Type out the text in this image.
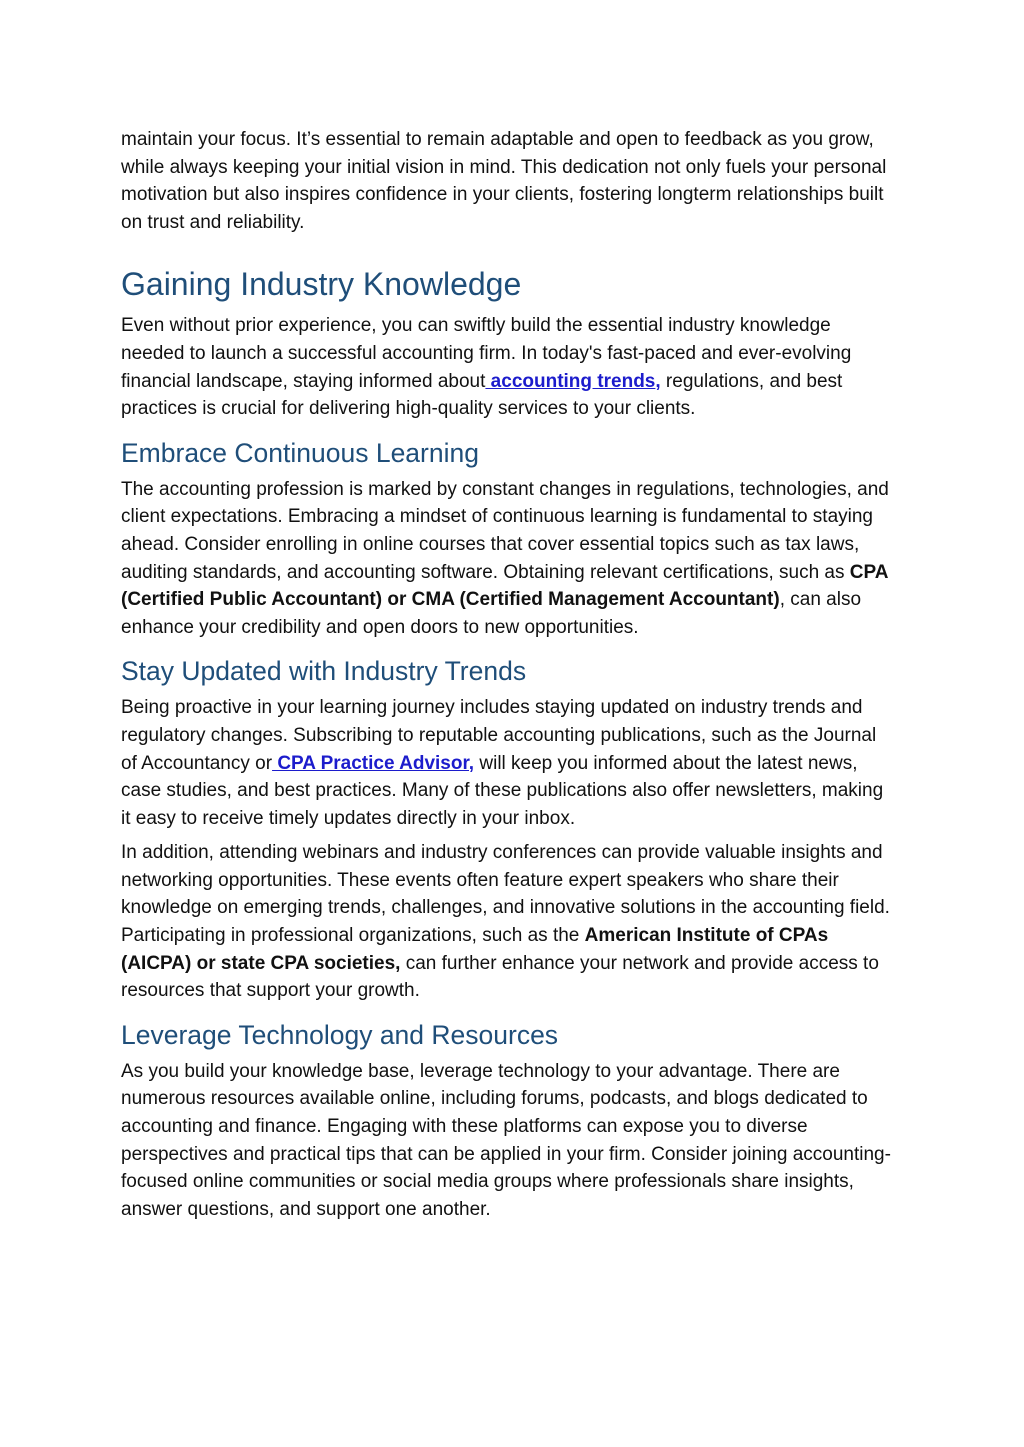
maintain your focus. It’s essential to remain adaptable and open to feedback as you grow, while always keeping your initial vision in mind. This dedication not only fuels your personal motivation but also inspires confidence in your clients, fostering longterm relationships built on trust and reliability.

Gaining Industry Knowledge

Even without prior experience, you can swiftly build the essential industry knowledge needed to launch a successful accounting firm. In today's fast-paced and ever-evolving financial landscape, staying informed about accounting trends, regulations, and best practices is crucial for delivering high-quality services to your clients.

Embrace Continuous Learning

The accounting profession is marked by constant changes in regulations, technologies, and client expectations. Embracing a mindset of continuous learning is fundamental to staying ahead. Consider enrolling in online courses that cover essential topics such as tax laws, auditing standards, and accounting software. Obtaining relevant certifications, such as CPA (Certified Public Accountant) or CMA (Certified Management Accountant), can also enhance your credibility and open doors to new opportunities.

Stay Updated with Industry Trends

Being proactive in your learning journey includes staying updated on industry trends and regulatory changes. Subscribing to reputable accounting publications, such as the Journal of Accountancy or CPA Practice Advisor, will keep you informed about the latest news, case studies, and best practices. Many of these publications also offer newsletters, making it easy to receive timely updates directly in your inbox.

In addition, attending webinars and industry conferences can provide valuable insights and networking opportunities. These events often feature expert speakers who share their knowledge on emerging trends, challenges, and innovative solutions in the accounting field. Participating in professional organizations, such as the American Institute of CPAs (AICPA) or state CPA societies, can further enhance your network and provide access to resources that support your growth.

Leverage Technology and Resources

As you build your knowledge base, leverage technology to your advantage. There are numerous resources available online, including forums, podcasts, and blogs dedicated to accounting and finance. Engaging with these platforms can expose you to diverse perspectives and practical tips that can be applied in your firm. Consider joining accounting-focused online communities or social media groups where professionals share insights, answer questions, and support one another.
